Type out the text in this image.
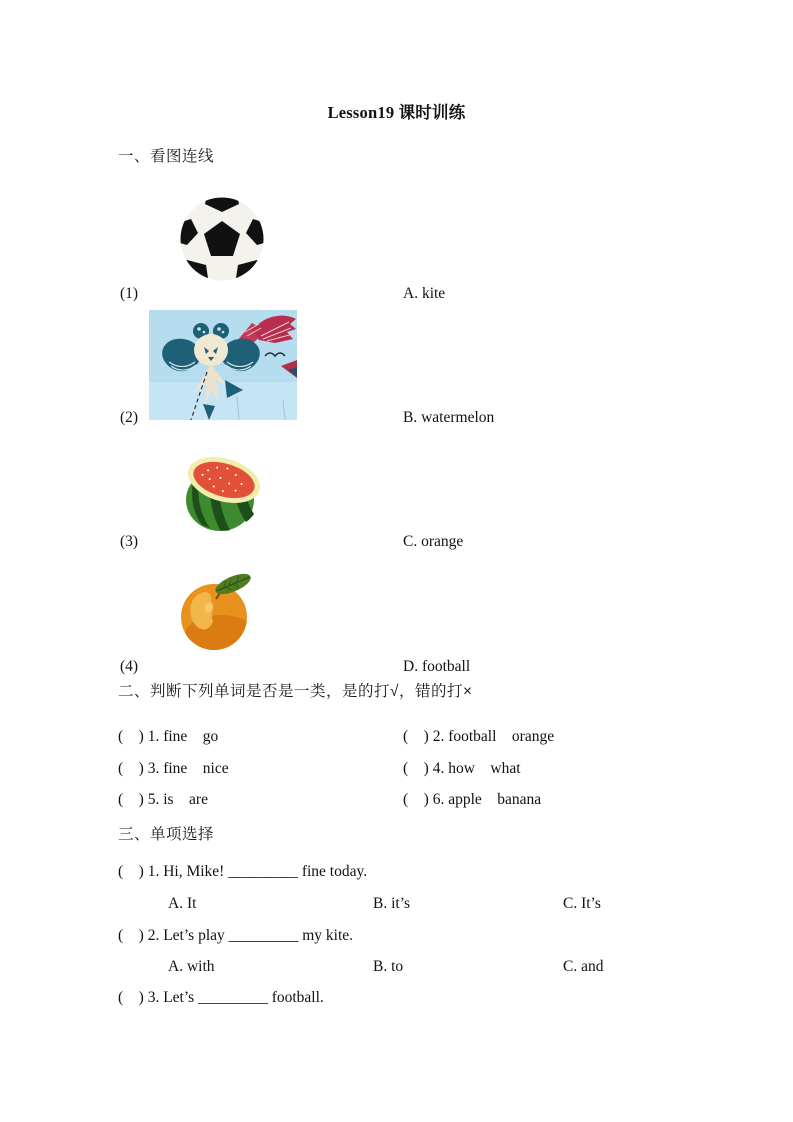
Lesson19 课时训练
一、看图连线
(1)	A. kite
(2)	B. watermelon
(3)	C. orange
(4)	D. football
二、判断下列单词是否是一类，是的打√，错的打×
(    ) 1. fine    go	(    ) 2. football    orange
(    ) 3. fine    nice	(    ) 4. how    what
(    ) 5. is    are	(    ) 6. apple    banana
三、单项选择
(    ) 1. Hi, Mike! _________ fine today.
A. It	B. it’s	C. It’s
(    ) 2. Let’s play _________ my kite.
A. with	B. to	C. and
(    ) 3. Let’s _________ football.
